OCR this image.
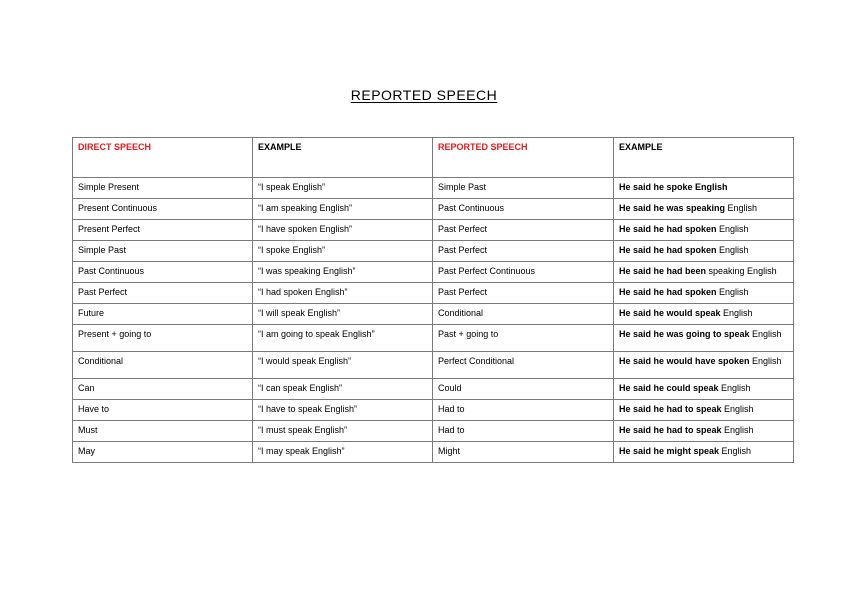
REPORTED SPEECH
DIRECT SPEECH	EXAMPLE	REPORTED SPEECH	EXAMPLE
Simple Present	“I speak English”	Simple Past	He said he spoke English
Present Continuous	“I am speaking English”	Past Continuous	He said he was speaking English
Present Perfect	“I have spoken English”	Past Perfect	He said he had spoken English
Simple Past	“I spoke English”	Past Perfect	He said he had spoken English
Past Continuous	“I was speaking English”	Past Perfect Continuous	He said he had been speaking English
Past Perfect	“I had spoken English”	Past Perfect	He said he had spoken English
Future	“I will speak English”	Conditional	He said he would speak English
Present + going to	“I am going to speak English”	Past + going to	He said he was going to speak English
Conditional	“I would speak English”	Perfect Conditional	He said he would have spoken English
Can	“I can speak English”	Could	He said he could speak English
Have to	“I have to speak English”	Had to	He said he had to speak English
Must	“I must speak English”	Had to	He said he had to speak English
May	“I may speak English”	Might	He said he might speak English
